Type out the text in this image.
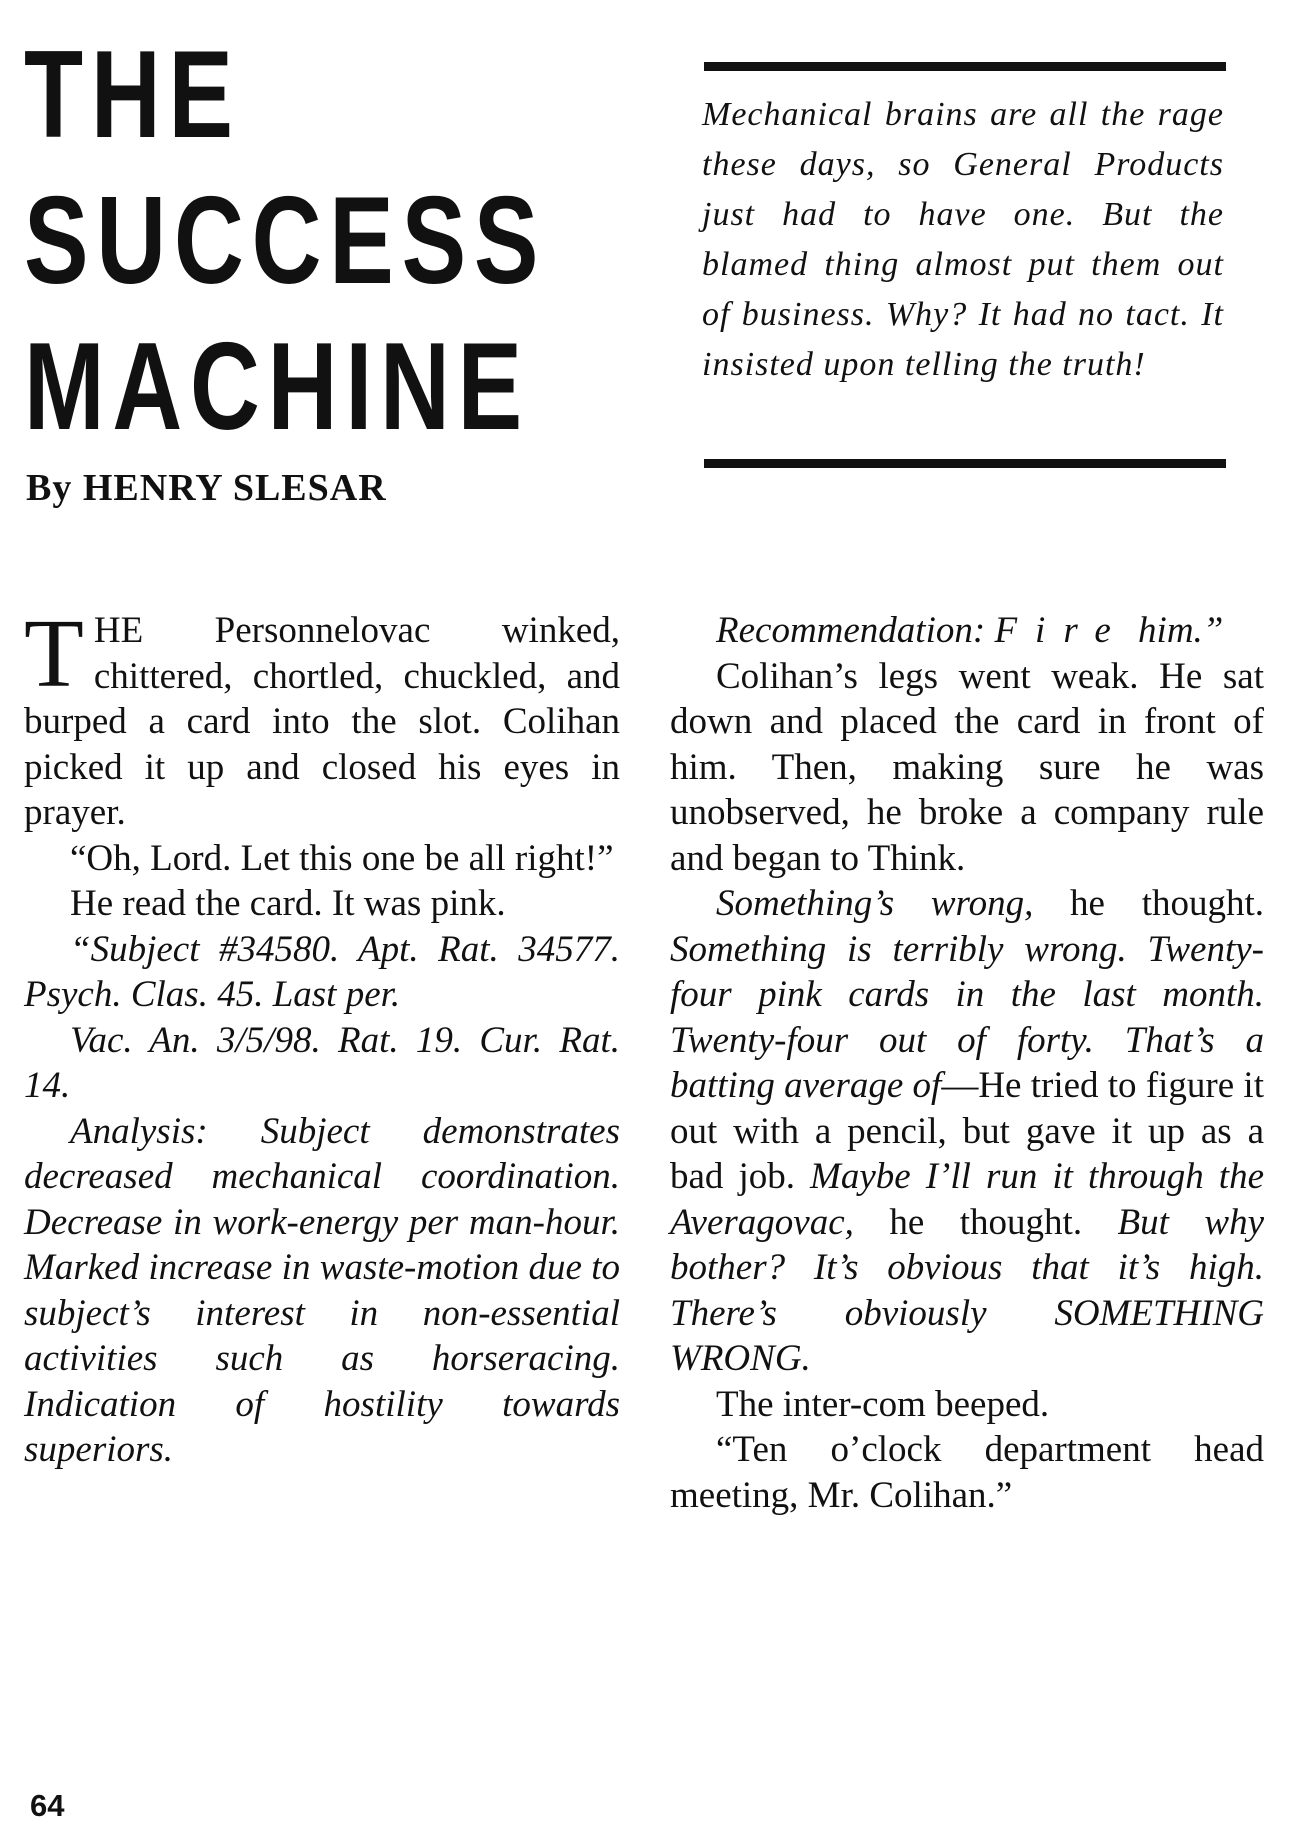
THE
SUCCESS
MACHINE
By HENRY SLESAR
Mechanical brains are all the rage these days, so General Products just had to have one. But the blamed thing almost put them out of business. Why? It had no tact. It insisted upon telling the truth!

THE Personnelovac winked, chittered, chortled, chuckled, and burped a card into the slot. Colihan picked it up and closed his eyes in prayer.

“Oh, Lord. Let this one be all right!”

He read the card. It was pink.

“Subject #34580. Apt. Rat. 34577. Psych. Clas. 45. Last per.

Vac. An. 3/5/98. Rat. 19. Cur. Rat. 14.

Analysis: Subject demonstrates decreased mechanical coordination. Decrease in work-energy per man-hour. Marked increase in waste-motion due to subject’s interest in non-essential activities such as horseracing. Indication of hostility towards superiors.

Recommendation: Fire him.”

Colihan’s legs went weak. He sat down and placed the card in front of him. Then, making sure he was unobserved, he broke a company rule and began to Think.

Something’s wrong, he thought. Something is terribly wrong. Twenty-four pink cards in the last month. Twenty-four out of forty. That’s a batting average of—He tried to figure it out with a pencil, but gave it up as a bad job. Maybe I’ll run it through the Averagovac, he thought. But why bother? It’s obvious that it’s high. There’s obviously SOMETHING WRONG.

The inter-com beeped.

“Ten o’clock department head meeting, Mr. Colihan.”

64
